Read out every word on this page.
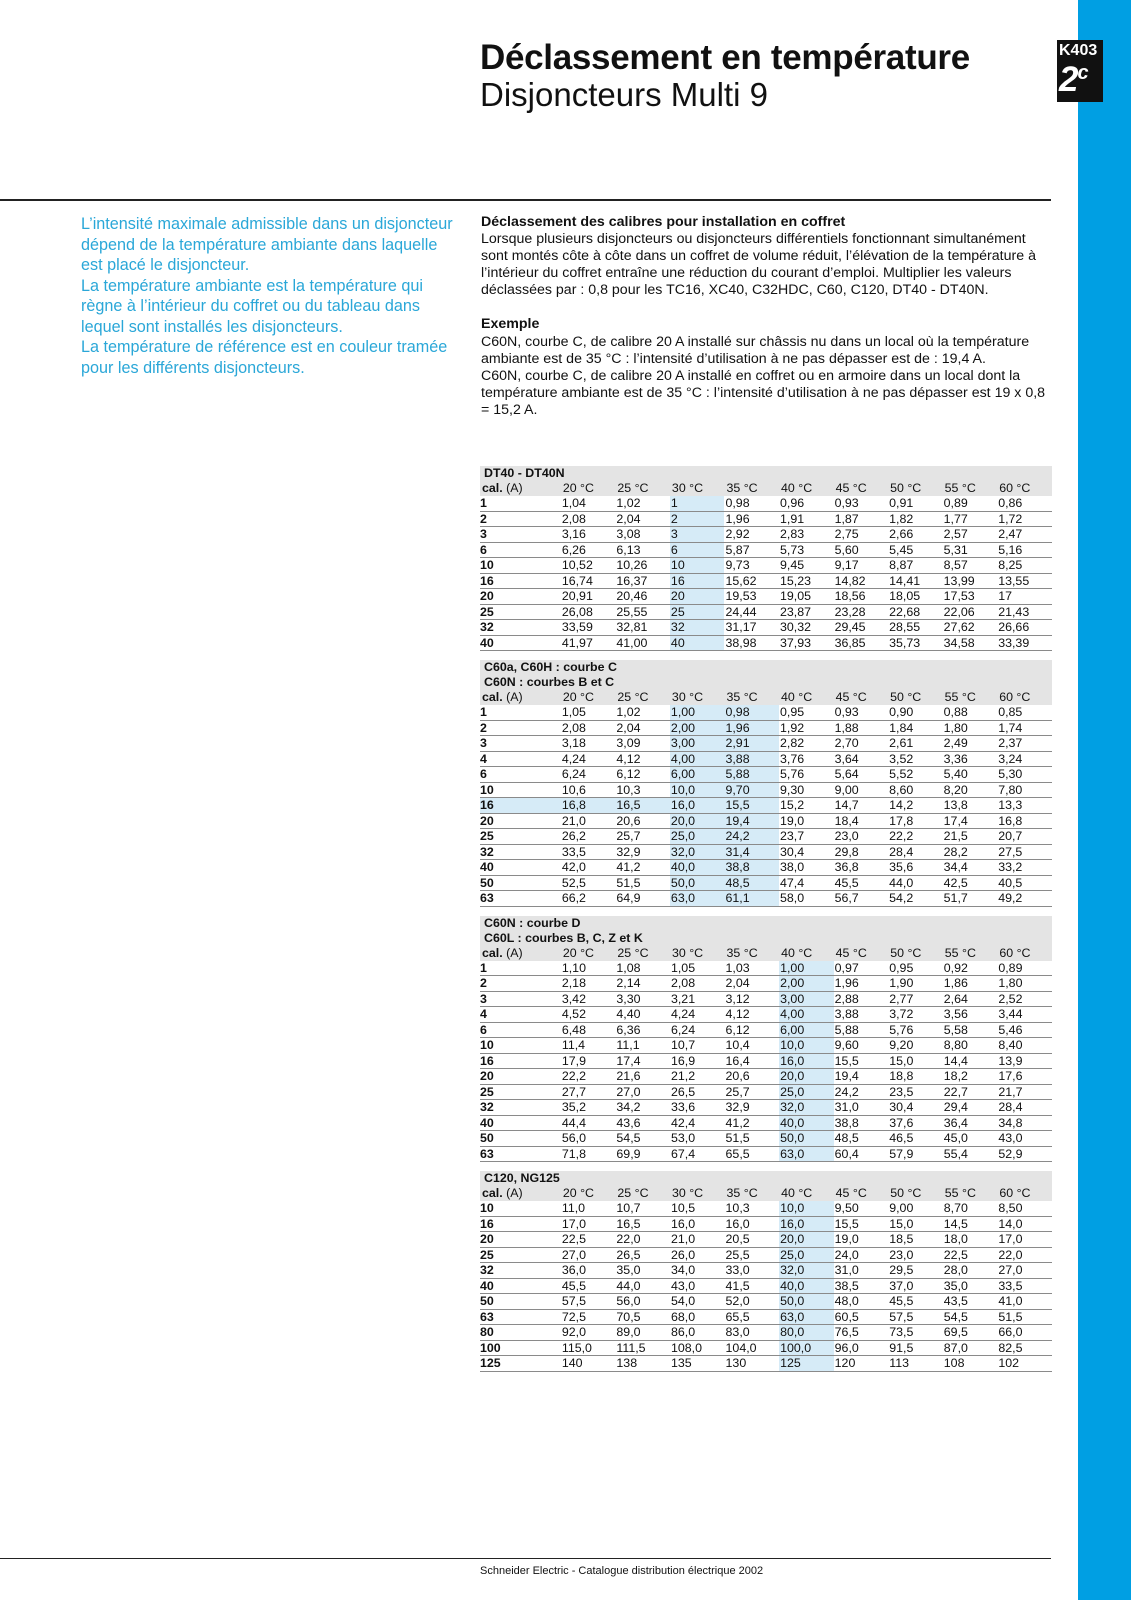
K403
2$^c$
Déclassement en température
Disjoncteurs Multi 9

L’intensité maximale admissible dans un disjoncteur dépend de la température ambiante dans laquelle est placé le disjoncteur.

La température ambiante est la température qui règne à l’intérieur du coffret ou du tableau dans lequel sont installés les disjoncteurs.

La température de référence est en couleur tramée pour les différents disjoncteurs.

Déclassement des calibres pour installation en coffret

Lorsque plusieurs disjoncteurs ou disjoncteurs différentiels fonctionnant simultanément sont montés côte à côte dans un coffret de volume réduit, l’élévation de la température à l’intérieur du coffret entraîne une réduction du courant d’emploi. Multiplier les valeurs déclassées par : 0,8 pour les TC16, XC40, C32HDC, C60, C120, DT40 - DT40N.

Exemple

C60N, courbe C, de calibre 20 A installé sur châssis nu dans un local où la température ambiante est de 35 °C : l’intensité d’utilisation à ne pas dépasser est de : 19,4 A.

C60N, courbe C, de calibre 20 A installé en coffret ou en armoire dans un local dont la température ambiante est de 35 °C : l’intensité d’utilisation à ne pas dépasser est 19 x 0,8 = 15,2 A.

DT40 - DT40N									
cal. (A)	20 °C	25 °C	30 °C	35 °C	40 °C	45 °C	50 °C	55 °C	60 °C
1	1,04	1,02	1	0,98	0,96	0,93	0,91	0,89	0,86
2	2,08	2,04	2	1,96	1,91	1,87	1,82	1,77	1,72
3	3,16	3,08	3	2,92	2,83	2,75	2,66	2,57	2,47
6	6,26	6,13	6	5,87	5,73	5,60	5,45	5,31	5,16
10	10,52	10,26	10	9,73	9,45	9,17	8,87	8,57	8,25
16	16,74	16,37	16	15,62	15,23	14,82	14,41	13,99	13,55
20	20,91	20,46	20	19,53	19,05	18,56	18,05	17,53	17
25	26,08	25,55	25	24,44	23,87	23,28	22,68	22,06	21,43
32	33,59	32,81	32	31,17	30,32	29,45	28,55	27,62	26,66
40	41,97	41,00	40	38,98	37,93	36,85	35,73	34,58	33,39
C60a, C60H : courbe C									
C60N : courbes B et C									
cal. (A)	20 °C	25 °C	30 °C	35 °C	40 °C	45 °C	50 °C	55 °C	60 °C
1	1,05	1,02	1,00	0,98	0,95	0,93	0,90	0,88	0,85
2	2,08	2,04	2,00	1,96	1,92	1,88	1,84	1,80	1,74
3	3,18	3,09	3,00	2,91	2,82	2,70	2,61	2,49	2,37
4	4,24	4,12	4,00	3,88	3,76	3,64	3,52	3,36	3,24
6	6,24	6,12	6,00	5,88	5,76	5,64	5,52	5,40	5,30
10	10,6	10,3	10,0	9,70	9,30	9,00	8,60	8,20	7,80
16	16,8	16,5	16,0	15,5	15,2	14,7	14,2	13,8	13,3
20	21,0	20,6	20,0	19,4	19,0	18,4	17,8	17,4	16,8
25	26,2	25,7	25,0	24,2	23,7	23,0	22,2	21,5	20,7
32	33,5	32,9	32,0	31,4	30,4	29,8	28,4	28,2	27,5
40	42,0	41,2	40,0	38,8	38,0	36,8	35,6	34,4	33,2
50	52,5	51,5	50,0	48,5	47,4	45,5	44,0	42,5	40,5
63	66,2	64,9	63,0	61,1	58,0	56,7	54,2	51,7	49,2
C60N : courbe D									
C60L : courbes B, C, Z et K									
cal. (A)	20 °C	25 °C	30 °C	35 °C	40 °C	45 °C	50 °C	55 °C	60 °C
1	1,10	1,08	1,05	1,03	1,00	0,97	0,95	0,92	0,89
2	2,18	2,14	2,08	2,04	2,00	1,96	1,90	1,86	1,80
3	3,42	3,30	3,21	3,12	3,00	2,88	2,77	2,64	2,52
4	4,52	4,40	4,24	4,12	4,00	3,88	3,72	3,56	3,44
6	6,48	6,36	6,24	6,12	6,00	5,88	5,76	5,58	5,46
10	11,4	11,1	10,7	10,4	10,0	9,60	9,20	8,80	8,40
16	17,9	17,4	16,9	16,4	16,0	15,5	15,0	14,4	13,9
20	22,2	21,6	21,2	20,6	20,0	19,4	18,8	18,2	17,6
25	27,7	27,0	26,5	25,7	25,0	24,2	23,5	22,7	21,7
32	35,2	34,2	33,6	32,9	32,0	31,0	30,4	29,4	28,4
40	44,4	43,6	42,4	41,2	40,0	38,8	37,6	36,4	34,8
50	56,0	54,5	53,0	51,5	50,0	48,5	46,5	45,0	43,0
63	71,8	69,9	67,4	65,5	63,0	60,4	57,9	55,4	52,9
C120, NG125									
cal. (A)	20 °C	25 °C	30 °C	35 °C	40 °C	45 °C	50 °C	55 °C	60 °C
10	11,0	10,7	10,5	10,3	10,0	9,50	9,00	8,70	8,50
16	17,0	16,5	16,0	16,0	16,0	15,5	15,0	14,5	14,0
20	22,5	22,0	21,0	20,5	20,0	19,0	18,5	18,0	17,0
25	27,0	26,5	26,0	25,5	25,0	24,0	23,0	22,5	22,0
32	36,0	35,0	34,0	33,0	32,0	31,0	29,5	28,0	27,0
40	45,5	44,0	43,0	41,5	40,0	38,5	37,0	35,0	33,5
50	57,5	56,0	54,0	52,0	50,0	48,0	45,5	43,5	41,0
63	72,5	70,5	68,0	65,5	63,0	60,5	57,5	54,5	51,5
80	92,0	89,0	86,0	83,0	80,0	76,5	73,5	69,5	66,0
100	115,0	111,5	108,0	104,0	100,0	96,0	91,5	87,0	82,5
125	140	138	135	130	125	120	113	108	102
Schneider Electric - Catalogue distribution électrique 2002
